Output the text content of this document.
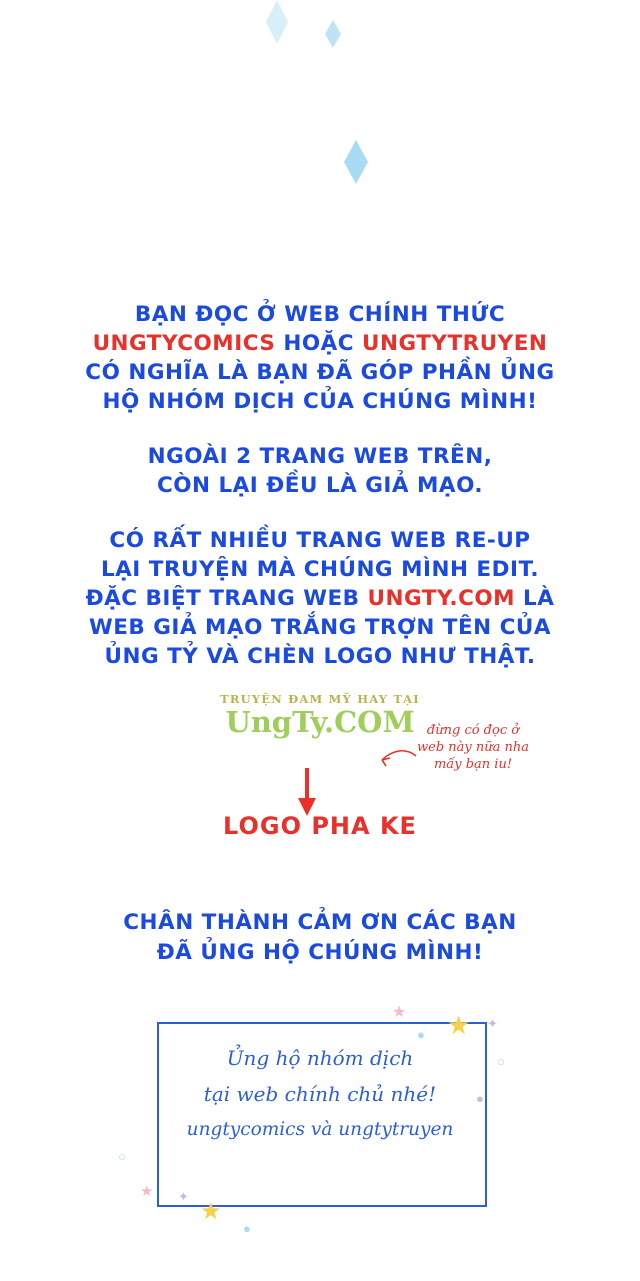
BẠN ĐỌC Ở WEB CHÍNH THỨC
UNGTYCOMICS HOẶC UNGTYTRUYEN
CÓ NGHĨA LÀ BẠN ĐÃ GÓP PHẦN ỦNG
HỘ NHÓM DỊCH CỦA CHÚNG MÌNH!
NGOÀI 2 TRANG WEB TRÊN,
CÒN LẠI ĐỀU LÀ GIẢ MẠO.
CÓ RẤT NHIỀU TRANG WEB RE-UP
LẠI TRUYỆN MÀ CHÚNG MÌNH EDIT.
ĐẶC BIỆT TRANG WEB UNGTY.COM LÀ
WEB GIẢ MẠO TRẮNG TRỢN TÊN CỦA
ỦNG TỶ VÀ CHÈN LOGO NHƯ THẬT.
TRUYỆN ĐAM MỸ HAY TẠI
UngTy.COM đừng có đọc ở
web này nữa nha
mấy bạn iu!
LOGO PHA KE
CHÂN THÀNH CẢM ƠN CÁC BẠN
ĐÃ ỦNG HỘ CHÚNG MÌNH!
Ủng hộ nhóm dịch
tại web chính chủ nhé!
ungtycomics và ungtytruyen
★
★
✦
●
○
●
★
★
✦
●
○
